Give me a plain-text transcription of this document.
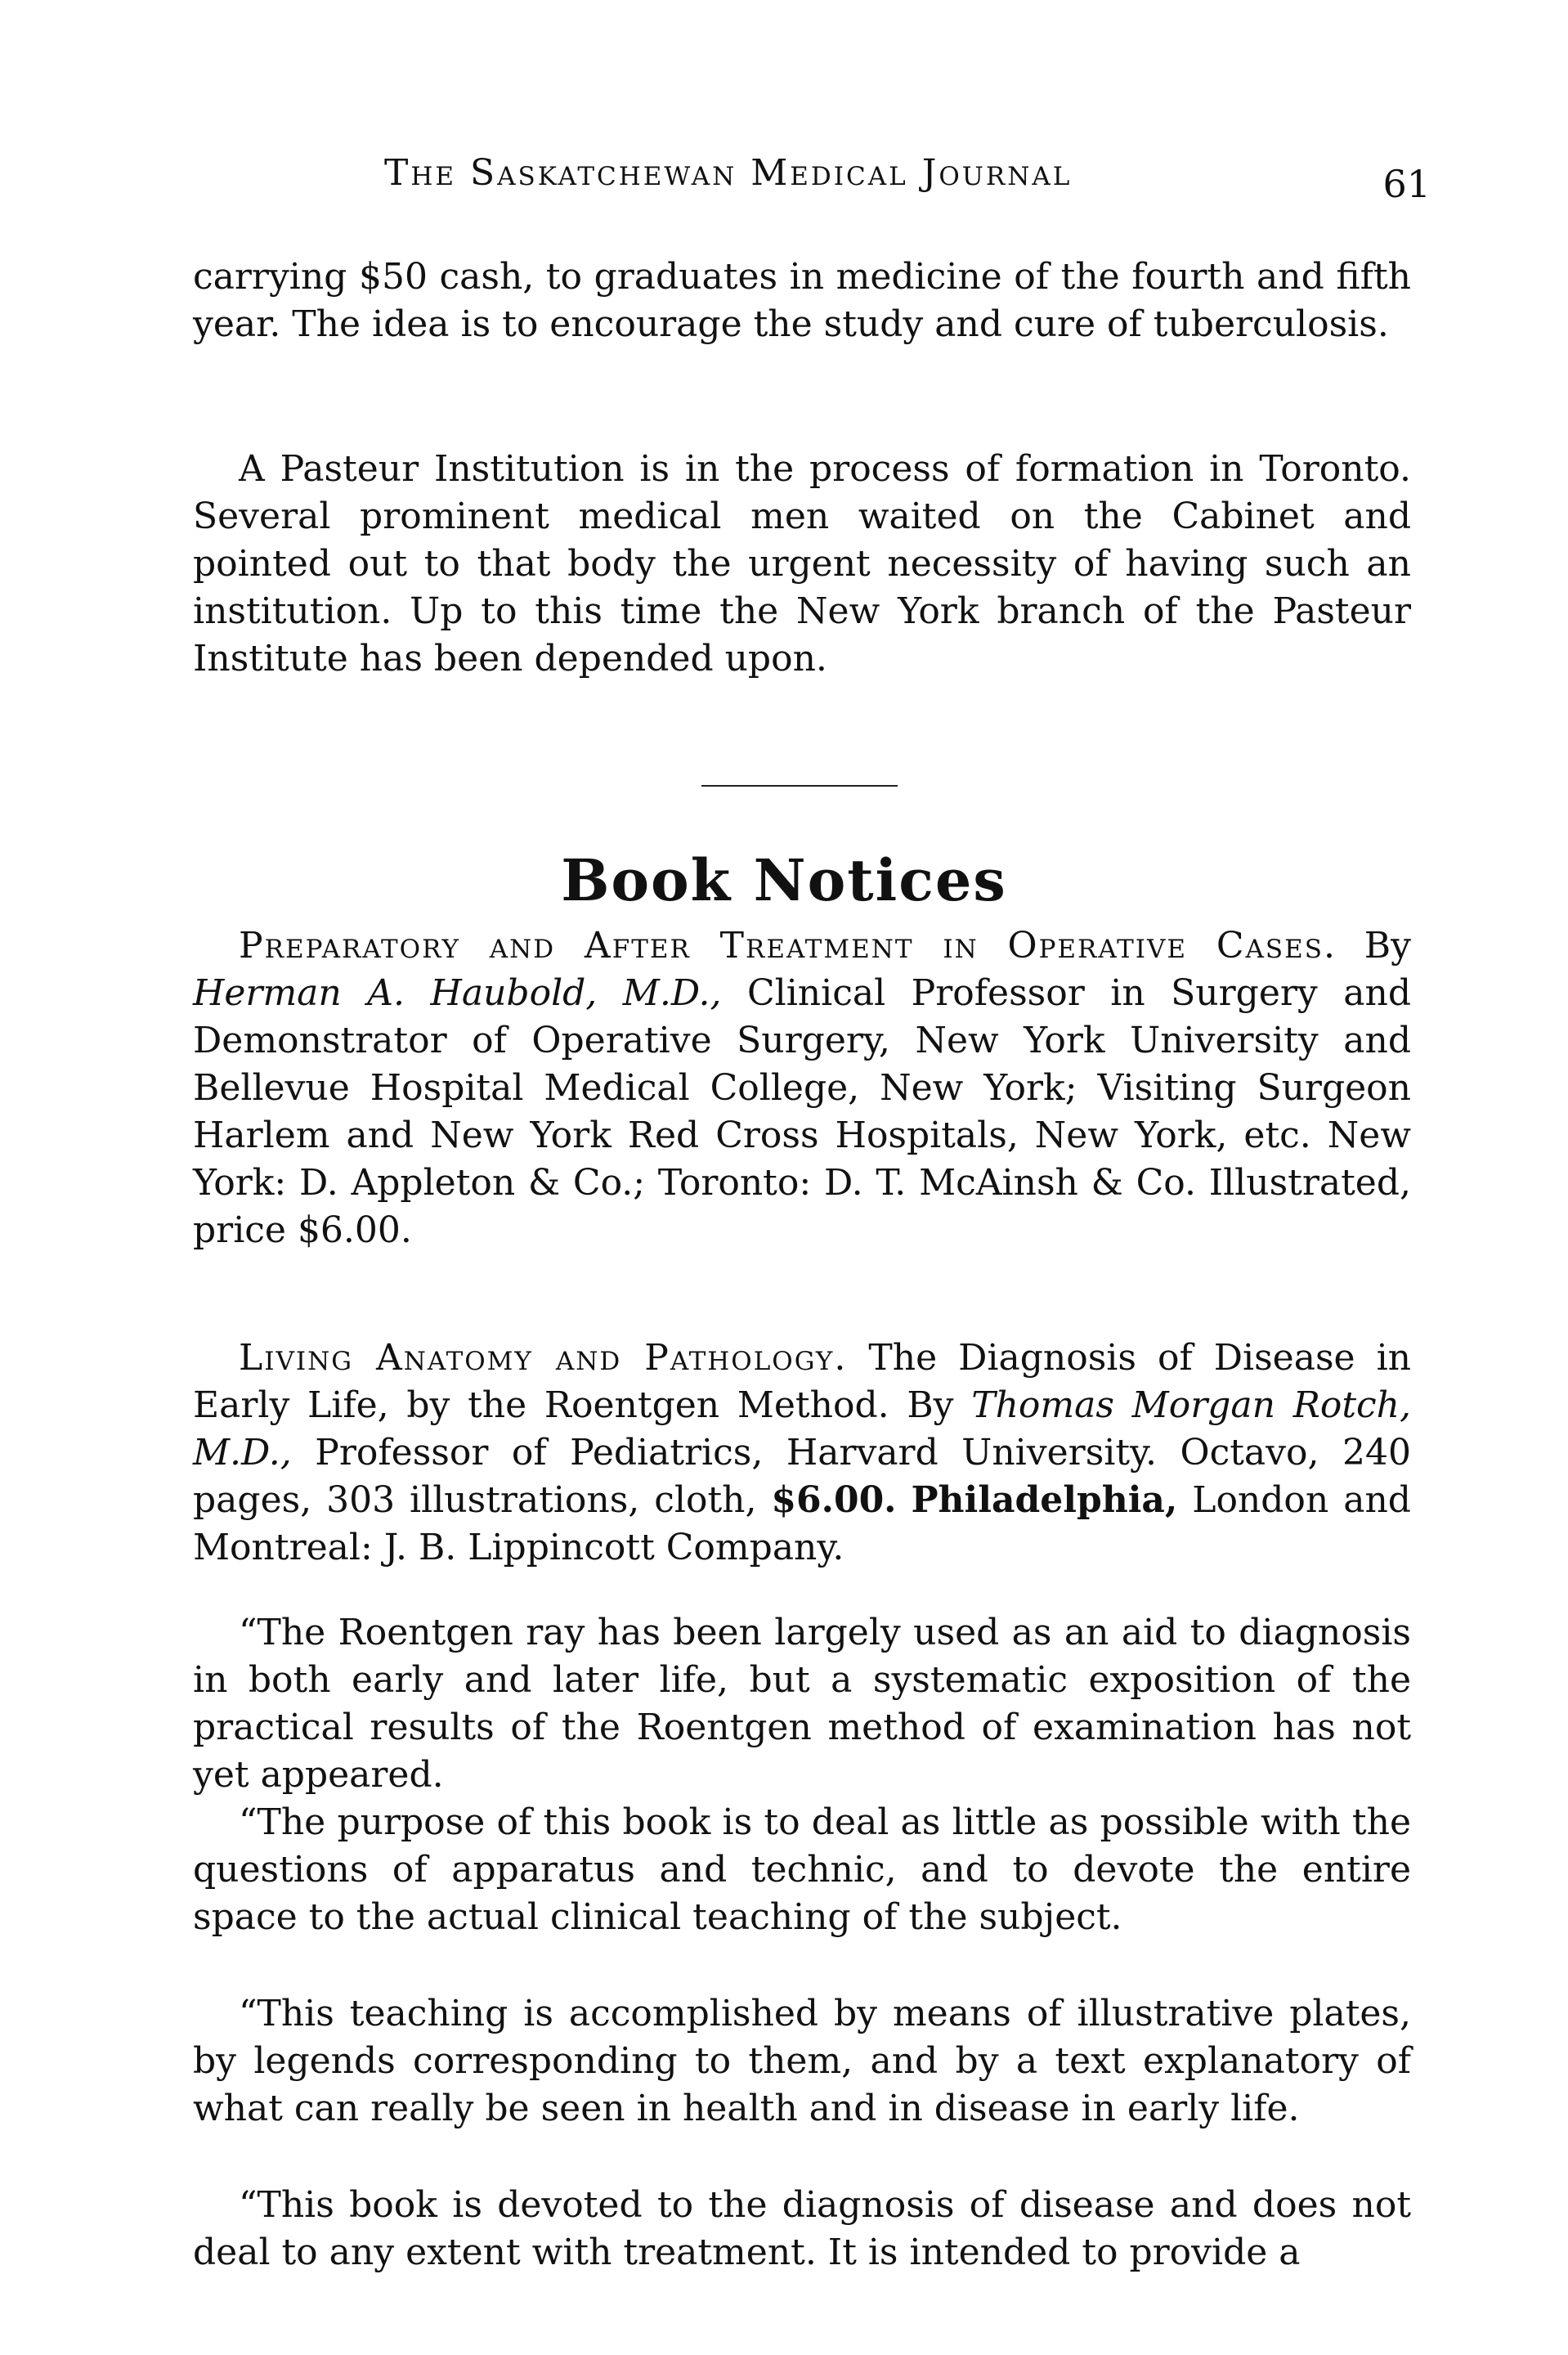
The Saskatchewan Medical Journal	61

carrying $50 cash, to graduates in medicine of the fourth and fifth year. The idea is to encourage the study and cure of tuberculosis.

A Pasteur Institution is in the process of formation in Toronto. Several prominent medical men waited on the Cabinet and pointed out to that body the urgent necessity of having such an institution. Up to this time the New York branch of the Pasteur Institute has been depended upon.

Book Notices

Preparatory and After Treatment in Operative Cases. By Herman A. Haubold, M.D., Clinical Professor in Surgery and Demonstrator of Operative Surgery, New York University and Bellevue Hospital Medical College, New York; Visiting Surgeon Harlem and New York Red Cross Hospitals, New York, etc. New York: D. Appleton & Co.; Toronto: D. T. McAinsh & Co. Illustrated, price $6.00.

Living Anatomy and Pathology. The Diagnosis of Disease in Early Life, by the Roentgen Method. By Thomas Morgan Rotch, M.D., Professor of Pediatrics, Harvard University. Octavo, 240 pages, 303 illustrations, cloth, $6.00. Philadelphia, London and Montreal: J. B. Lippincott Company.

“The Roentgen ray has been largely used as an aid to diagnosis in both early and later life, but a systematic exposition of the practical results of the Roentgen method of examination has not yet appeared.

“The purpose of this book is to deal as little as possible with the questions of apparatus and technic, and to devote the entire space to the actual clinical teaching of the subject.

“This teaching is accomplished by means of illustrative plates, by legends corresponding to them, and by a text explanatory of what can really be seen in health and in disease in early life.

“This book is devoted to the diagnosis of disease and does not deal to any extent with treatment. It is intended to provide a
